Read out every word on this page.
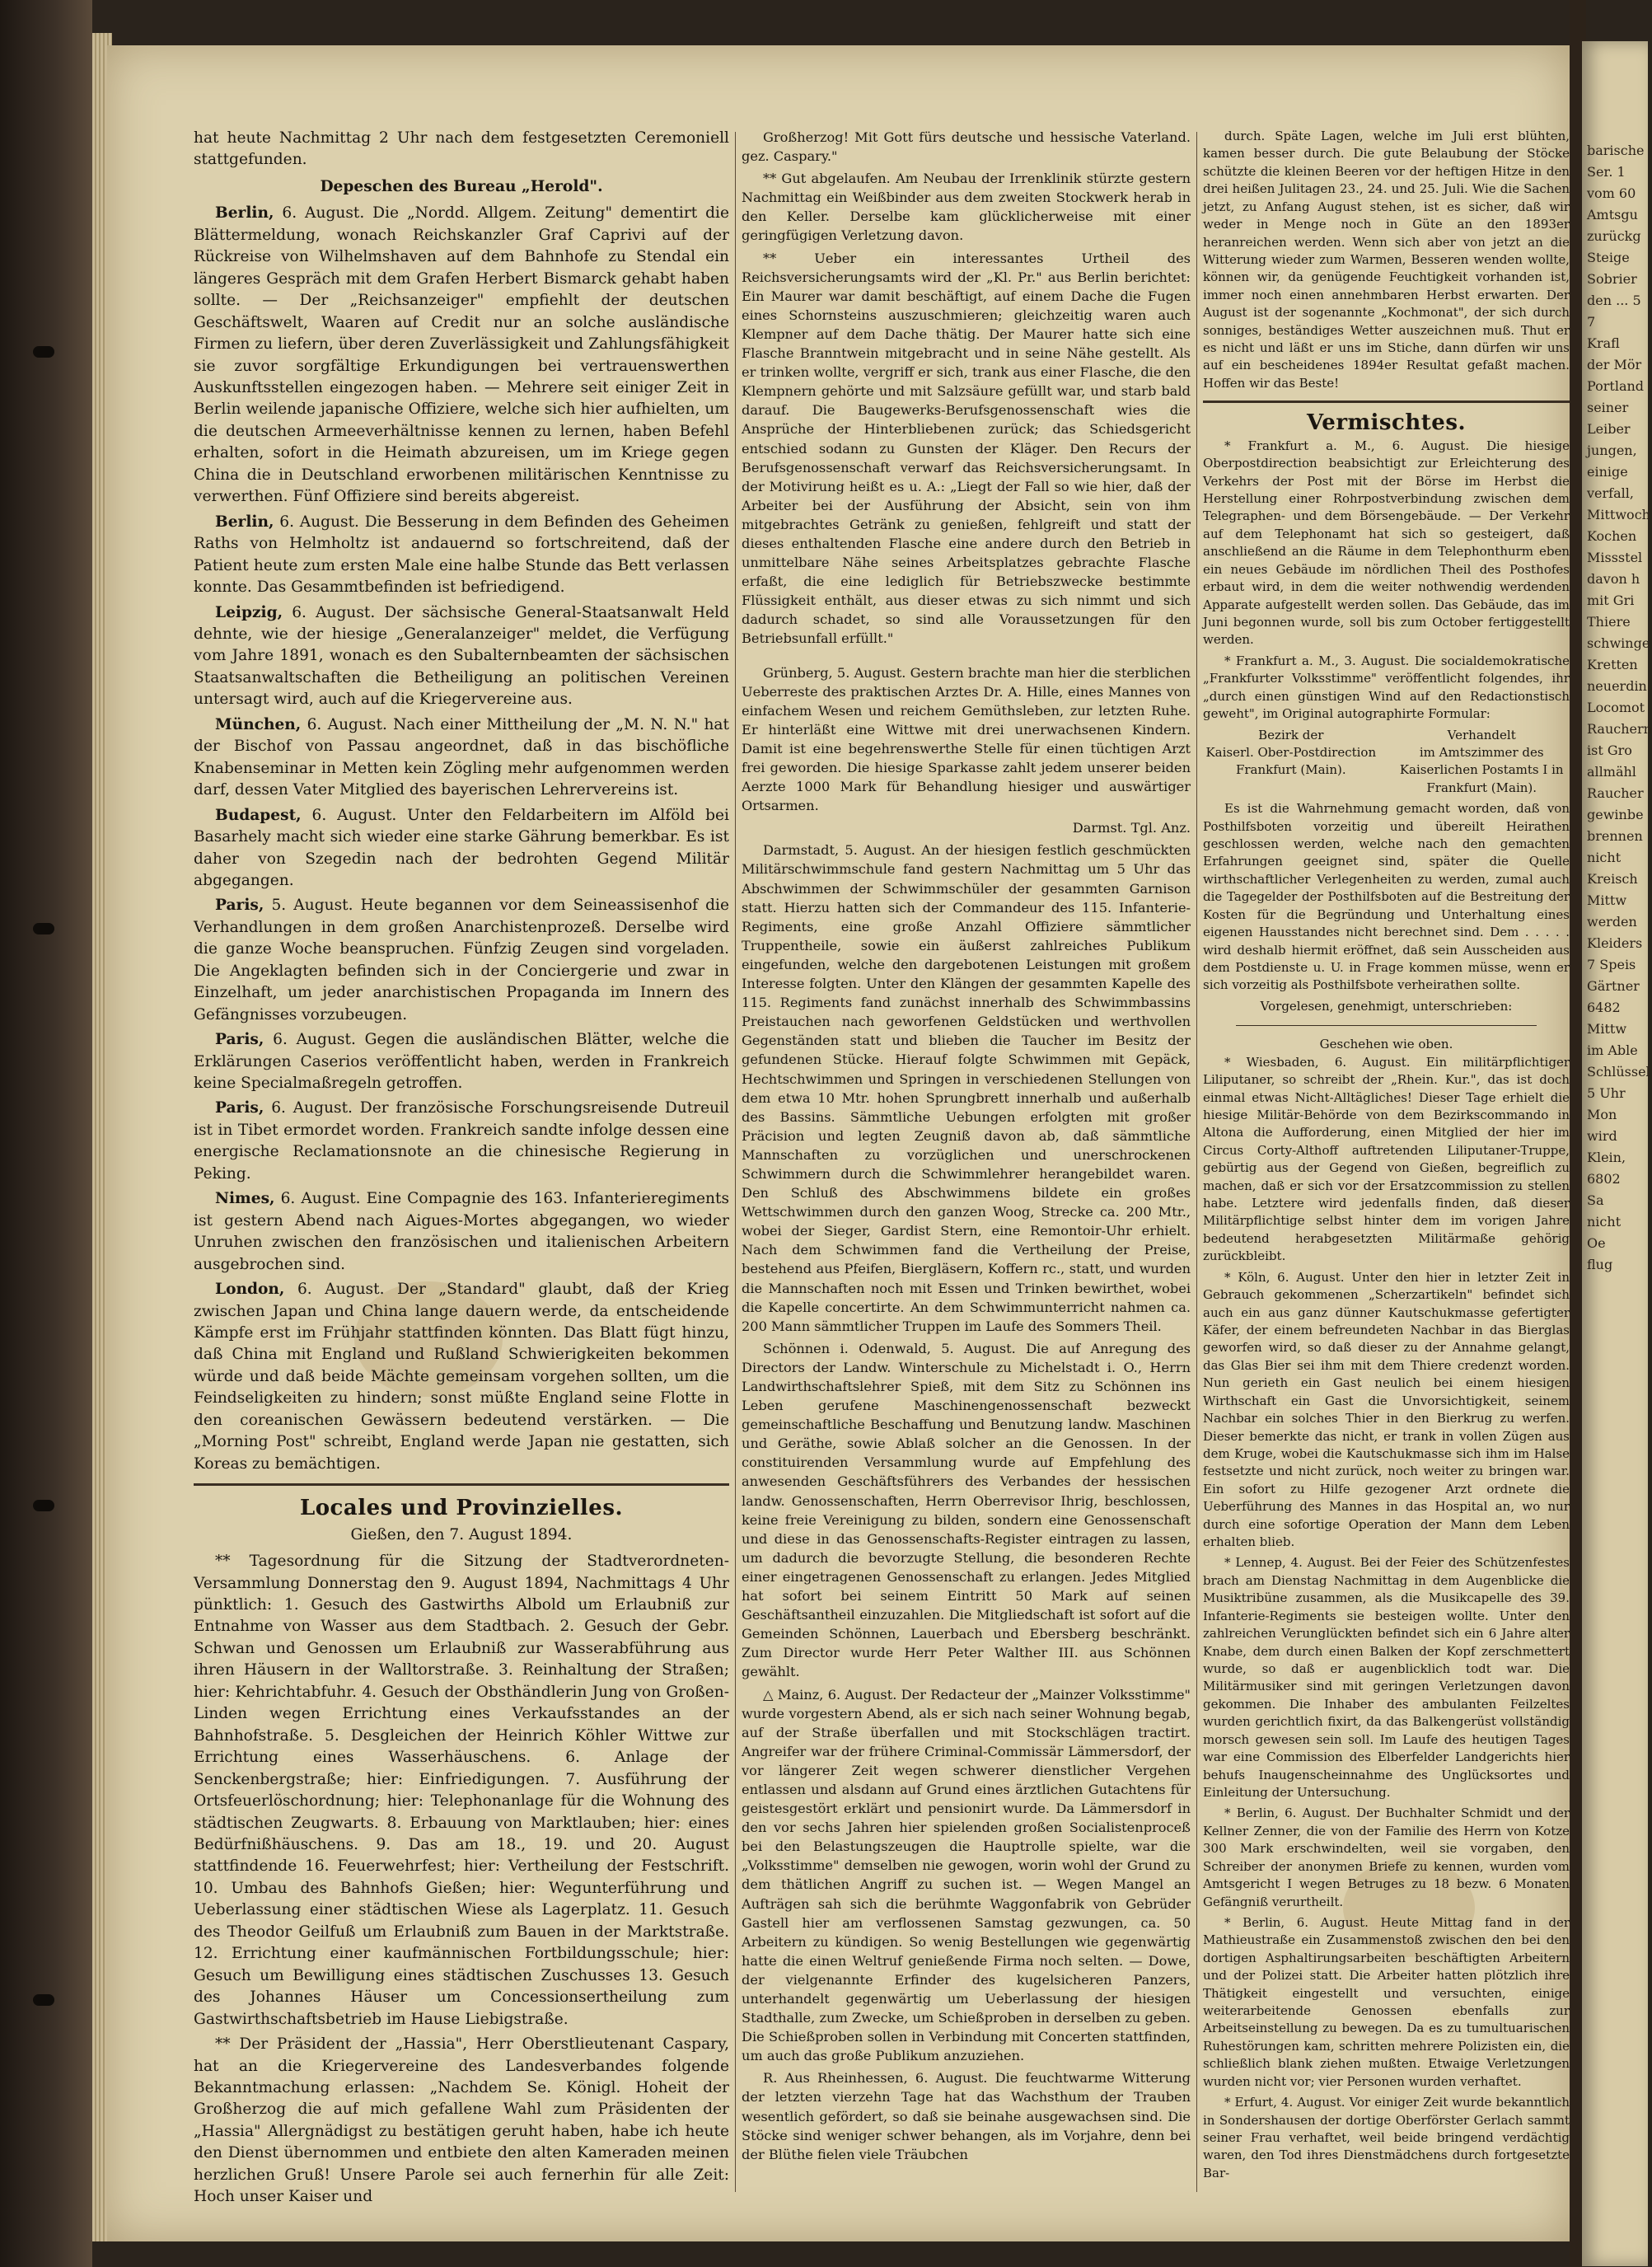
hat heute Nachmittag 2 Uhr nach dem festgesetzten Ceremoniell stattgefunden.

Depeschen des Bureau „Herold".

Berlin, 6. August. Die „Nordd. Allgem. Zeitung" dementirt die Blättermeldung, wonach Reichskanzler Graf Caprivi auf der Rückreise von Wilhelmshaven auf dem Bahnhofe zu Stendal ein längeres Gespräch mit dem Grafen Herbert Bismarck gehabt haben sollte. — Der „Reichsanzeiger" empfiehlt der deutschen Geschäftswelt, Waaren auf Credit nur an solche ausländische Firmen zu liefern, über deren Zuverlässigkeit und Zahlungsfähigkeit sie zuvor sorgfältige Erkundigungen bei vertrauenswerthen Auskunftsstellen eingezogen haben. — Mehrere seit einiger Zeit in Berlin weilende japanische Offiziere, welche sich hier aufhielten, um die deutschen Armeeverhältnisse kennen zu lernen, haben Befehl erhalten, sofort in die Heimath abzureisen, um im Kriege gegen China die in Deutschland erworbenen militärischen Kenntnisse zu verwerthen. Fünf Offiziere sind bereits abgereist.

Berlin, 6. August. Die Besserung in dem Befinden des Geheimen Raths von Helmholtz ist andauernd so fortschreitend, daß der Patient heute zum ersten Male eine halbe Stunde das Bett verlassen konnte. Das Gesammtbefinden ist befriedigend.

Leipzig, 6. August. Der sächsische General-Staatsanwalt Held dehnte, wie der hiesige „Generalanzeiger" meldet, die Verfügung vom Jahre 1891, wonach es den Subalternbeamten der sächsischen Staatsanwaltschaften die Betheiligung an politischen Vereinen untersagt wird, auch auf die Kriegervereine aus.

München, 6. August. Nach einer Mittheilung der „M. N. N." hat der Bischof von Passau angeordnet, daß in das bischöfliche Knabenseminar in Metten kein Zögling mehr aufgenommen werden darf, dessen Vater Mitglied des bayerischen Lehrervereins ist.

Budapest, 6. August. Unter den Feldarbeitern im Alföld bei Basarhely macht sich wieder eine starke Gährung bemerkbar. Es ist daher von Szegedin nach der bedrohten Gegend Militär abgegangen.

Paris, 5. August. Heute begannen vor dem Seineassisenhof die Verhandlungen in dem großen Anarchistenprozeß. Derselbe wird die ganze Woche beanspruchen. Fünfzig Zeugen sind vorgeladen. Die Angeklagten befinden sich in der Conciergerie und zwar in Einzelhaft, um jeder anarchistischen Propaganda im Innern des Gefängnisses vorzubeugen.

Paris, 6. August. Gegen die ausländischen Blätter, welche die Erklärungen Caserios veröffentlicht haben, werden in Frankreich keine Specialmaßregeln getroffen.

Paris, 6. August. Der französische Forschungsreisende Dutreuil ist in Tibet ermordet worden. Frankreich sandte infolge dessen eine energische Reclamationsnote an die chinesische Regierung in Peking.

Nimes, 6. August. Eine Compagnie des 163. Infanterieregiments ist gestern Abend nach Aigues-Mortes abgegangen, wo wieder Unruhen zwischen den französischen und italienischen Arbeitern ausgebrochen sind.

London, 6. August. Der „Standard" glaubt, daß der Krieg zwischen Japan und China lange dauern werde, da entscheidende Kämpfe erst im Frühjahr stattfinden könnten. Das Blatt fügt hinzu, daß China mit England und Rußland Schwierigkeiten bekommen würde und daß beide Mächte gemeinsam vorgehen sollten, um die Feindseligkeiten zu hindern; sonst müßte England seine Flotte in den coreanischen Gewässern bedeutend verstärken. — Die „Morning Post" schreibt, England werde Japan nie gestatten, sich Koreas zu bemächtigen.

Locales und Provinzielles.
Gießen, den 7. August 1894.

** Tagesordnung für die Sitzung der Stadtverordneten-Versammlung Donnerstag den 9. August 1894, Nachmittags 4 Uhr pünktlich: 1. Gesuch des Gastwirths Albold um Erlaubniß zur Entnahme von Wasser aus dem Stadtbach. 2. Gesuch der Gebr. Schwan und Genossen um Erlaubniß zur Wasserabführung aus ihren Häusern in der Walltorstraße. 3. Reinhaltung der Straßen; hier: Kehrichtabfuhr. 4. Gesuch der Obsthändlerin Jung von Großen-Linden wegen Errichtung eines Verkaufsstandes an der Bahnhofstraße. 5. Desgleichen der Heinrich Köhler Wittwe zur Errichtung eines Wasserhäuschens. 6. Anlage der Senckenbergstraße; hier: Einfriedigungen. 7. Ausführung der Ortsfeuerlöschordnung; hier: Telephonanlage für die Wohnung des städtischen Zeugwarts. 8. Erbauung von Marktlauben; hier: eines Bedürfnißhäuschens. 9. Das am 18., 19. und 20. August stattfindende 16. Feuerwehrfest; hier: Vertheilung der Festschrift. 10. Umbau des Bahnhofs Gießen; hier: Wegunterführung und Ueberlassung einer städtischen Wiese als Lagerplatz. 11. Gesuch des Theodor Geilfuß um Erlaubniß zum Bauen in der Marktstraße. 12. Errichtung einer kaufmännischen Fortbildungsschule; hier: Gesuch um Bewilligung eines städtischen Zuschusses 13. Gesuch des Johannes Häuser um Concessionsertheilung zum Gastwirthschaftsbetrieb im Hause Liebigstraße.

** Der Präsident der „Hassia", Herr Oberstlieutenant Caspary, hat an die Kriegervereine des Landesverbandes folgende Bekanntmachung erlassen: „Nachdem Se. Königl. Hoheit der Großherzog die auf mich gefallene Wahl zum Präsidenten der „Hassia" Allergnädigst zu bestätigen geruht haben, habe ich heute den Dienst übernommen und entbiete den alten Kameraden meinen herzlichen Gruß! Unsere Parole sei auch fernerhin für alle Zeit: Hoch unser Kaiser und

Großherzog! Mit Gott fürs deutsche und hessische Vaterland. gez. Caspary."

** Gut abgelaufen. Am Neubau der Irrenklinik stürzte gestern Nachmittag ein Weißbinder aus dem zweiten Stockwerk herab in den Keller. Derselbe kam glücklicherweise mit einer geringfügigen Verletzung davon.

** Ueber ein interessantes Urtheil des Reichsversicherungsamts wird der „Kl. Pr." aus Berlin berichtet: Ein Maurer war damit beschäftigt, auf einem Dache die Fugen eines Schornsteins auszuschmieren; gleichzeitig waren auch Klempner auf dem Dache thätig. Der Maurer hatte sich eine Flasche Branntwein mitgebracht und in seine Nähe gestellt. Als er trinken wollte, vergriff er sich, trank aus einer Flasche, die den Klempnern gehörte und mit Salzsäure gefüllt war, und starb bald darauf. Die Baugewerks-Berufsgenossenschaft wies die Ansprüche der Hinterbliebenen zurück; das Schiedsgericht entschied sodann zu Gunsten der Kläger. Den Recurs der Berufsgenossenschaft verwarf das Reichsversicherungsamt. In der Motivirung heißt es u. A.: „Liegt der Fall so wie hier, daß der Arbeiter bei der Ausführung der Absicht, sein von ihm mitgebrachtes Getränk zu genießen, fehlgreift und statt der dieses enthaltenden Flasche eine andere durch den Betrieb in unmittelbare Nähe seines Arbeitsplatzes gebrachte Flasche erfaßt, die eine lediglich für Betriebszwecke bestimmte Flüssigkeit enthält, aus dieser etwas zu sich nimmt und sich dadurch schadet, so sind alle Voraussetzungen für den Betriebsunfall erfüllt."

Grünberg, 5. August. Gestern brachte man hier die sterblichen Ueberreste des praktischen Arztes Dr. A. Hille, eines Mannes von einfachem Wesen und reichem Gemüthsleben, zur letzten Ruhe. Er hinterläßt eine Wittwe mit drei unerwachsenen Kindern. Damit ist eine begehrenswerthe Stelle für einen tüchtigen Arzt frei geworden. Die hiesige Sparkasse zahlt jedem unserer beiden Aerzte 1000 Mark für Behandlung hiesiger und auswärtiger Ortsarmen.

Darmst. Tgl. Anz.

Darmstadt, 5. August. An der hiesigen festlich geschmückten Militärschwimmschule fand gestern Nachmittag um 5 Uhr das Abschwimmen der Schwimmschüler der gesammten Garnison statt. Hierzu hatten sich der Commandeur des 115. Infanterie-Regiments, eine große Anzahl Offiziere sämmtlicher Truppentheile, sowie ein äußerst zahlreiches Publikum eingefunden, welche den dargebotenen Leistungen mit großem Interesse folgten. Unter den Klängen der gesammten Kapelle des 115. Regiments fand zunächst innerhalb des Schwimmbassins Preistauchen nach geworfenen Geldstücken und werthvollen Gegenständen statt und blieben die Taucher im Besitz der gefundenen Stücke. Hierauf folgte Schwimmen mit Gepäck, Hechtschwimmen und Springen in verschiedenen Stellungen von dem etwa 10 Mtr. hohen Sprungbrett innerhalb und außerhalb des Bassins. Sämmtliche Uebungen erfolgten mit großer Präcision und legten Zeugniß davon ab, daß sämmtliche Mannschaften zu vorzüglichen und unerschrockenen Schwimmern durch die Schwimmlehrer herangebildet waren. Den Schluß des Abschwimmens bildete ein großes Wettschwimmen durch den ganzen Woog, Strecke ca. 200 Mtr., wobei der Sieger, Gardist Stern, eine Remontoir-Uhr erhielt. Nach dem Schwimmen fand die Vertheilung der Preise, bestehend aus Pfeifen, Biergläsern, Koffern rc., statt, und wurden die Mannschaften noch mit Essen und Trinken bewirthet, wobei die Kapelle concertirte. An dem Schwimmunterricht nahmen ca. 200 Mann sämmtlicher Truppen im Laufe des Sommers Theil.

Schönnen i. Odenwald, 5. August. Die auf Anregung des Directors der Landw. Winterschule zu Michelstadt i. O., Herrn Landwirthschaftslehrer Spieß, mit dem Sitz zu Schönnen ins Leben gerufene Maschinengenossenschaft bezweckt gemeinschaftliche Beschaffung und Benutzung landw. Maschinen und Geräthe, sowie Ablaß solcher an die Genossen. In der constituirenden Versammlung wurde auf Empfehlung des anwesenden Geschäftsführers des Verbandes der hessischen landw. Genossenschaften, Herrn Oberrevisor Ihrig, beschlossen, keine freie Vereinigung zu bilden, sondern eine Genossenschaft und diese in das Genossenschafts-Register eintragen zu lassen, um dadurch die bevorzugte Stellung, die besonderen Rechte einer eingetragenen Genossenschaft zu erlangen. Jedes Mitglied hat sofort bei seinem Eintritt 50 Mark auf seinen Geschäftsantheil einzuzahlen. Die Mitgliedschaft ist sofort auf die Gemeinden Schönnen, Lauerbach und Ebersberg beschränkt. Zum Director wurde Herr Peter Walther III. aus Schönnen gewählt.

△ Mainz, 6. August. Der Redacteur der „Mainzer Volksstimme" wurde vorgestern Abend, als er sich nach seiner Wohnung begab, auf der Straße überfallen und mit Stockschlägen tractirt. Angreifer war der frühere Criminal-Commissär Lämmersdorf, der vor längerer Zeit wegen schwerer dienstlicher Vergehen entlassen und alsdann auf Grund eines ärztlichen Gutachtens für geistesgestört erklärt und pensionirt wurde. Da Lämmersdorf in den vor sechs Jahren hier spielenden großen Socialistenproceß bei den Belastungszeugen die Hauptrolle spielte, war die „Volksstimme" demselben nie gewogen, worin wohl der Grund zu dem thätlichen Angriff zu suchen ist. — Wegen Mangel an Aufträgen sah sich die berühmte Waggonfabrik von Gebrüder Gastell hier am verflossenen Samstag gezwungen, ca. 50 Arbeitern zu kündigen. So wenig Bestellungen wie gegenwärtig hatte die einen Weltruf genießende Firma noch selten. — Dowe, der vielgenannte Erfinder des kugelsicheren Panzers, unterhandelt gegenwärtig um Ueberlassung der hiesigen Stadthalle, zum Zwecke, um Schießproben in derselben zu geben. Die Schießproben sollen in Verbindung mit Concerten stattfinden, um auch das große Publikum anzuziehen.

R. Aus Rheinhessen, 6. August. Die feuchtwarme Witterung der letzten vierzehn Tage hat das Wachsthum der Trauben wesentlich gefördert, so daß sie beinahe ausgewachsen sind. Die Stöcke sind weniger schwer behangen, als im Vorjahre, denn bei der Blüthe fielen viele Träubchen

durch. Späte Lagen, welche im Juli erst blühten, kamen besser durch. Die gute Belaubung der Stöcke schützte die kleinen Beeren vor der heftigen Hitze in den drei heißen Julitagen 23., 24. und 25. Juli. Wie die Sachen jetzt, zu Anfang August stehen, ist es sicher, daß wir weder in Menge noch in Güte an den 1893er heranreichen werden. Wenn sich aber von jetzt an die Witterung wieder zum Warmen, Besseren wenden wollte, können wir, da genügende Feuchtigkeit vorhanden ist, immer noch einen annehmbaren Herbst erwarten. Der August ist der sogenannte „Kochmonat", der sich durch sonniges, beständiges Wetter auszeichnen muß. Thut er es nicht und läßt er uns im Stiche, dann dürfen wir uns auf ein bescheidenes 1894er Resultat gefaßt machen. Hoffen wir das Beste!

Vermischtes.

* Frankfurt a. M., 6. August. Die hiesige Oberpostdirection beabsichtigt zur Erleichterung des Verkehrs der Post mit der Börse im Herbst die Herstellung einer Rohrpostverbindung zwischen dem Telegraphen- und dem Börsengebäude. — Der Verkehr auf dem Telephonamt hat sich so gesteigert, daß anschließend an die Räume in dem Telephonthurm eben ein neues Gebäude im nördlichen Theil des Posthofes erbaut wird, in dem die weiter nothwendig werdenden Apparate aufgestellt werden sollen. Das Gebäude, das im Juni begonnen wurde, soll bis zum October fertiggestellt werden.

* Frankfurt a. M., 3. August. Die socialdemokratische „Frankfurter Volksstimme" veröffentlicht folgendes, ihr „durch einen günstigen Wind auf den Redactionstisch geweht", im Original autographirte Formular:

Bezirk der
Kaiserl. Ober-Postdirection Frankfurt (Main).
Verhandelt
im Amtszimmer des Kaiserlichen Postamts I in Frankfurt (Main).

Es ist die Wahrnehmung gemacht worden, daß von Posthilfsboten vorzeitig und übereilt Heirathen geschlossen werden, welche nach den gemachten Erfahrungen geeignet sind, später die Quelle wirthschaftlicher Verlegenheiten zu werden, zumal auch die Tagegelder der Posthilfsboten auf die Bestreitung der Kosten für die Begründung und Unterhaltung eines eigenen Hausstandes nicht berechnet sind. Dem . . . . . wird deshalb hiermit eröffnet, daß sein Ausscheiden aus dem Postdienste u. U. in Frage kommen müsse, wenn er sich vorzeitig als Posthilfsbote verheirathen sollte.

Vorgelesen, genehmigt, unterschrieben:
Geschehen wie oben.

* Wiesbaden, 6. August. Ein militärpflichtiger Liliputaner, so schreibt der „Rhein. Kur.", das ist doch einmal etwas Nicht-Alltägliches! Dieser Tage erhielt die hiesige Militär-Behörde von dem Bezirkscommando in Altona die Aufforderung, einen Mitglied der hier im Circus Corty-Althoff auftretenden Liliputaner-Truppe, gebürtig aus der Gegend von Gießen, begreiflich zu machen, daß er sich vor der Ersatzcommission zu stellen habe. Letztere wird jedenfalls finden, daß dieser Militärpflichtige selbst hinter dem im vorigen Jahre bedeutend herabgesetzten Militärmaße gehörig zurückbleibt.

* Köln, 6. August. Unter den hier in letzter Zeit in Gebrauch gekommenen „Scherzartikeln" befindet sich auch ein aus ganz dünner Kautschukmasse gefertigter Käfer, der einem befreundeten Nachbar in das Bierglas geworfen wird, so daß dieser zu der Annahme gelangt, das Glas Bier sei ihm mit dem Thiere credenzt worden. Nun gerieth ein Gast neulich bei einem hiesigen Wirthschaft ein Gast die Unvorsichtigkeit, seinem Nachbar ein solches Thier in den Bierkrug zu werfen. Dieser bemerkte das nicht, er trank in vollen Zügen aus dem Kruge, wobei die Kautschukmasse sich ihm im Halse festsetzte und nicht zurück, noch weiter zu bringen war. Ein sofort zu Hilfe gezogener Arzt ordnete die Ueberführung des Mannes in das Hospital an, wo nur durch eine sofortige Operation der Mann dem Leben erhalten blieb.

* Lennep, 4. August. Bei der Feier des Schützenfestes brach am Dienstag Nachmittag in dem Augenblicke die Musiktribüne zusammen, als die Musikcapelle des 39. Infanterie-Regiments sie besteigen wollte. Unter den zahlreichen Verunglückten befindet sich ein 6 Jahre alter Knabe, dem durch einen Balken der Kopf zerschmettert wurde, so daß er augenblicklich todt war. Die Militärmusiker sind mit geringen Verletzungen davon gekommen. Die Inhaber des ambulanten Feilzeltes wurden gerichtlich fixirt, da das Balkengerüst vollständig morsch gewesen sein soll. Im Laufe des heutigen Tages war eine Commission des Elberfelder Landgerichts hier behufs Inaugenscheinnahme des Unglücksortes und Einleitung der Untersuchung.

* Berlin, 6. August. Der Buchhalter Schmidt und der Kellner Zenner, die von der Familie des Herrn von Kotze 300 Mark erschwindelten, weil sie vorgaben, den Schreiber der anonymen Briefe zu kennen, wurden vom Amtsgericht I wegen Betruges zu 18 bezw. 6 Monaten Gefängniß verurtheilt.

* Berlin, 6. August. Heute Mittag fand in der Mathieustraße ein Zusammenstoß zwischen den bei den dortigen Asphaltirungsarbeiten beschäftigten Arbeitern und der Polizei statt. Die Arbeiter hatten plötzlich ihre Thätigkeit eingestellt und versuchten, einige weiterarbeitende Genossen ebenfalls zur Arbeitseinstellung zu bewegen. Da es zu tumultuarischen Ruhestörungen kam, schritten mehrere Polizisten ein, die schließlich blank ziehen mußten. Etwaige Verletzungen wurden nicht vor; vier Personen wurden verhaftet.

* Erfurt, 4. August. Vor einiger Zeit wurde bekanntlich in Sondershausen der dortige Oberförster Gerlach sammt seiner Frau verhaftet, weil beide bringend verdächtig waren, den Tod ihres Dienstmädchens durch fortgesetzte Bar-

barische
Ser. 1
vom 60
Amtsgu
zurückg
Steige
Sobrier
den ... 5
7
Krafl
der Mör
Portland
seiner
Leiber
jungen,
einige
verfall,
Mittwoch
Kochen
Missstel
davon h
mit Gri
Thiere
schwinge
Kretten
neuerdin
Locomot
Rauchern
ist Gro
allmähl
Raucher
gewinbe
brennen
nicht
Kreisch
Mittw
werden
Kleiders
7 Speis
Gärtner
6482
Mittw
im Able
Schlüssel
5 Uhr
Mon
wird
Klein,
6802
Sa
nicht
Oe
flug
